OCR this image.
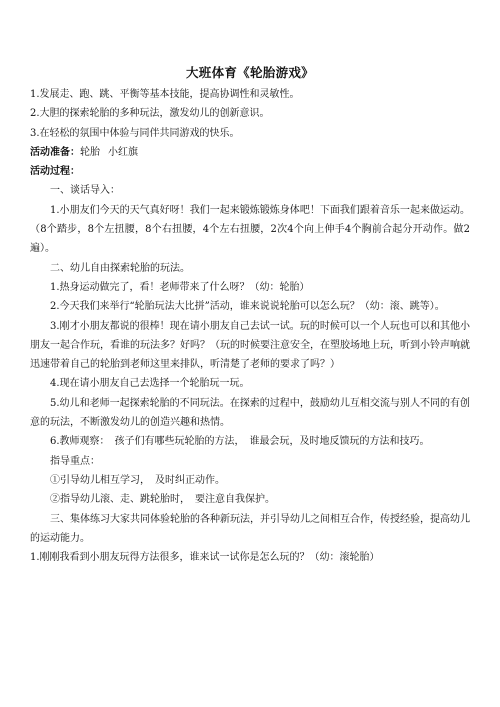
大班体育《轮胎游戏》

1.发展走、跑、跳、平衡等基本技能，提高协调性和灵敏性。

2.大胆的探索轮胎的多种玩法，激发幼儿的创新意识。

3.在轻松的氛围中体验与同伴共同游戏的快乐。

活动准备：轮胎 小红旗

活动过程：

一、谈话导入：

1.小朋友们今天的天气真好呀！我们一起来锻炼锻炼身体吧！下面我们跟着音乐一起来做运动。（8个踏步，8个左扭腰，8个右扭腰，4个左右扭腰，2次4个向上伸手4个胸前合起分开动作。做2遍）。

二、幼儿自由探索轮胎的玩法。

1.热身运动做完了，看！老师带来了什么呀？（幼：轮胎）

2.今天我们来举行“轮胎玩法大比拼”活动，谁来说说轮胎可以怎么玩？（幼：滚、跳等）。

3.刚才小朋友都说的很棒！现在请小朋友自己去试一试。玩的时候可以一个人玩也可以和其他小朋友一起合作玩，看谁的玩法多？好吗？（玩的时候要注意安全，在塑胶场地上玩，听到小铃声响就迅速带着自己的轮胎到老师这里来排队，听清楚了老师的要求了吗？）

4.现在请小朋友自己去选择一个轮胎玩一玩。

5.幼儿和老师一起探索轮胎的不同玩法。在探索的过程中，鼓励幼儿互相交流与别人不同的有创意的玩法，不断激发幼儿的创造兴趣和热情。

6.教师观察：　孩子们有哪些玩轮胎的方法，　谁最会玩，及时地反馈玩的方法和技巧。

指导重点：

①引导幼儿相互学习，　及时纠正动作。

②指导幼儿滚、走、跳轮胎时，　要注意自我保护。

三、集体练习大家共同体验轮胎的各种新玩法，并引导幼儿之间相互合作，传授经验，提高幼儿的运动能力。

1.刚刚我看到小朋友玩得方法很多，谁来试一试你是怎么玩的？（幼：滚轮胎）
